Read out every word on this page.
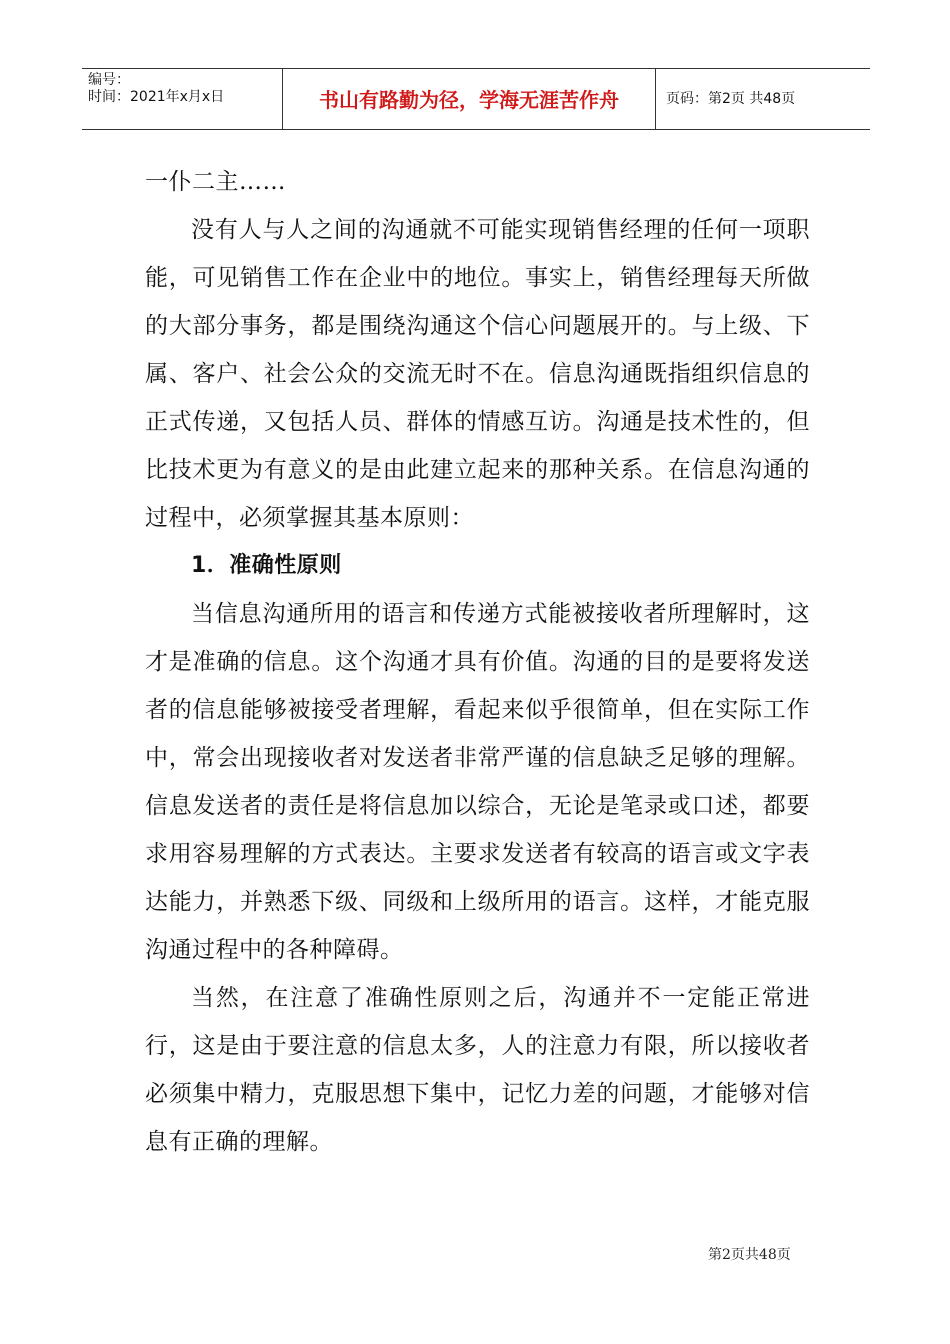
编号：
时间：2021年x月x日	书山有路勤为径，学海无涯苦作舟	页码：第2页 共48页

一仆二主……

没有人与人之间的沟通就不可能实现销售经理的任何一项职能，可见销售工作在企业中的地位。事实上，销售经理每天所做的大部分事务，都是围绕沟通这个信心问题展开的。与上级、下属、客户、社会公众的交流无时不在。信息沟通既指组织信息的正式传递，又包括人员、群体的情感互访。沟通是技术性的，但比技术更为有意义的是由此建立起来的那种关系。在信息沟通的过程中，必须掌握其基本原则：

1．准确性原则

当信息沟通所用的语言和传递方式能被接收者所理解时，这才是准确的信息。这个沟通才具有价值。沟通的目的是要将发送者的信息能够被接受者理解，看起来似乎很简单，但在实际工作中，常会出现接收者对发送者非常严谨的信息缺乏足够的理解。信息发送者的责任是将信息加以综合，无论是笔录或口述，都要求用容易理解的方式表达。主要求发送者有较高的语言或文字表达能力，并熟悉下级、同级和上级所用的语言。这样，才能克服沟通过程中的各种障碍。

当然，在注意了准确性原则之后，沟通并不一定能正常进行，这是由于要注意的信息太多，人的注意力有限，所以接收者必须集中精力，克服思想下集中，记忆力差的问题，才能够对信息有正确的理解。

第2页共48页
